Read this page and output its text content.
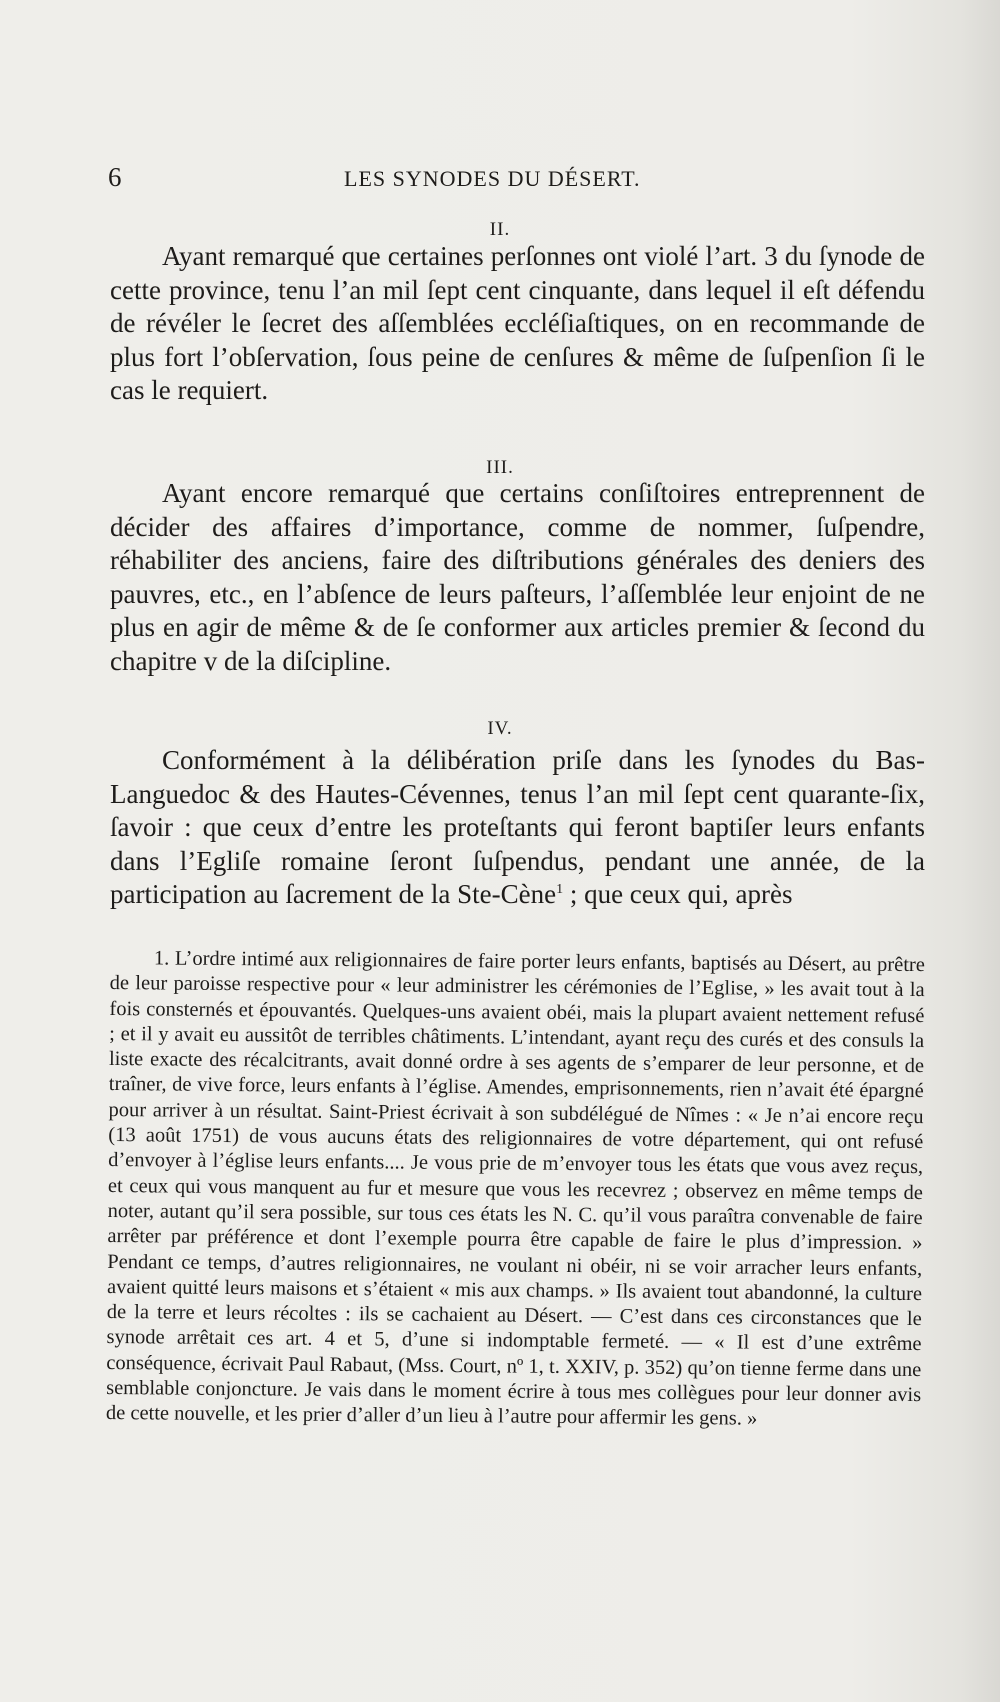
6	LES SYNODES DU DÉSERT.
II.

Ayant remarqué que certaines perſonnes ont violé l’art. 3 du ſynode de cette province, tenu l’an mil ſept cent cinquante, dans lequel il eſt défendu de révéler le ſecret des aſſemblées eccléſiaſtiques, on en recommande de plus fort l’obſervation, ſous peine de cenſures & même de ſuſpenſion ſi le cas le requiert.

III.

Ayant encore remarqué que certains conſiſtoires entreprennent de décider des affaires d’importance, comme de nommer, ſuſpendre, réhabiliter des anciens, faire des diſtributions générales des deniers des pauvres, etc., en l’abſence de leurs paſteurs, l’aſſemblée leur enjoint de ne plus en agir de même & de ſe conformer aux articles premier & ſecond du chapitre v de la diſcipline.

IV.

Conformément à la délibération priſe dans les ſynodes du Bas-Languedoc & des Hautes-Cévennes, tenus l’an mil ſept cent quarante-ſix, ſavoir : que ceux d’entre les proteſtants qui feront baptiſer leurs enfants dans l’Egliſe romaine ſeront ſuſpendus, pendant une année, de la participation au ſacrement de la Ste-Cène$^1$ ; que ceux qui, après

1. L’ordre intimé aux religionnaires de faire porter leurs enfants, baptisés au Désert, au prêtre de leur paroisse respective pour « leur administrer les cérémonies de l’Eglise, » les avait tout à la fois consternés et épouvantés. Quelques-uns avaient obéi, mais la plupart avaient nettement refusé ; et il y avait eu aussitôt de terribles châtiments. L’intendant, ayant reçu des curés et des consuls la liste exacte des récalcitrants, avait donné ordre à ses agents de s’emparer de leur personne, et de traîner, de vive force, leurs enfants à l’église. Amendes, emprisonnements, rien n’avait été épargné pour arriver à un résultat. Saint-Priest écrivait à son subdélégué de Nîmes : « Je n’ai encore reçu (13 août 1751) de vous aucuns états des religionnaires de votre département, qui ont refusé d’envoyer à l’église leurs enfants.... Je vous prie de m’envoyer tous les états que vous avez reçus, et ceux qui vous manquent au fur et mesure que vous les recevrez ; observez en même temps de noter, autant qu’il sera possible, sur tous ces états les N. C. qu’il vous paraîtra convenable de faire arrêter par préférence et dont l’exemple pourra être capable de faire le plus d’impression. » Pendant ce temps, d’autres religionnaires, ne voulant ni obéir, ni se voir arracher leurs enfants, avaient quitté leurs maisons et s’étaient « mis aux champs. » Ils avaient tout abandonné, la culture de la terre et leurs récoltes : ils se cachaient au Désert. — C’est dans ces circonstances que le synode arrêtait ces art. 4 et 5, d’une si indomptable fermeté. — « Il est d’une extrême conséquence, écrivait Paul Rabaut, (Mss. Court, nº 1, t. XXIV, p. 352) qu’on tienne ferme dans une semblable conjoncture. Je vais dans le moment écrire à tous mes collègues pour leur donner avis de cette nouvelle, et les prier d’aller d’un lieu à l’autre pour affermir les gens. »
